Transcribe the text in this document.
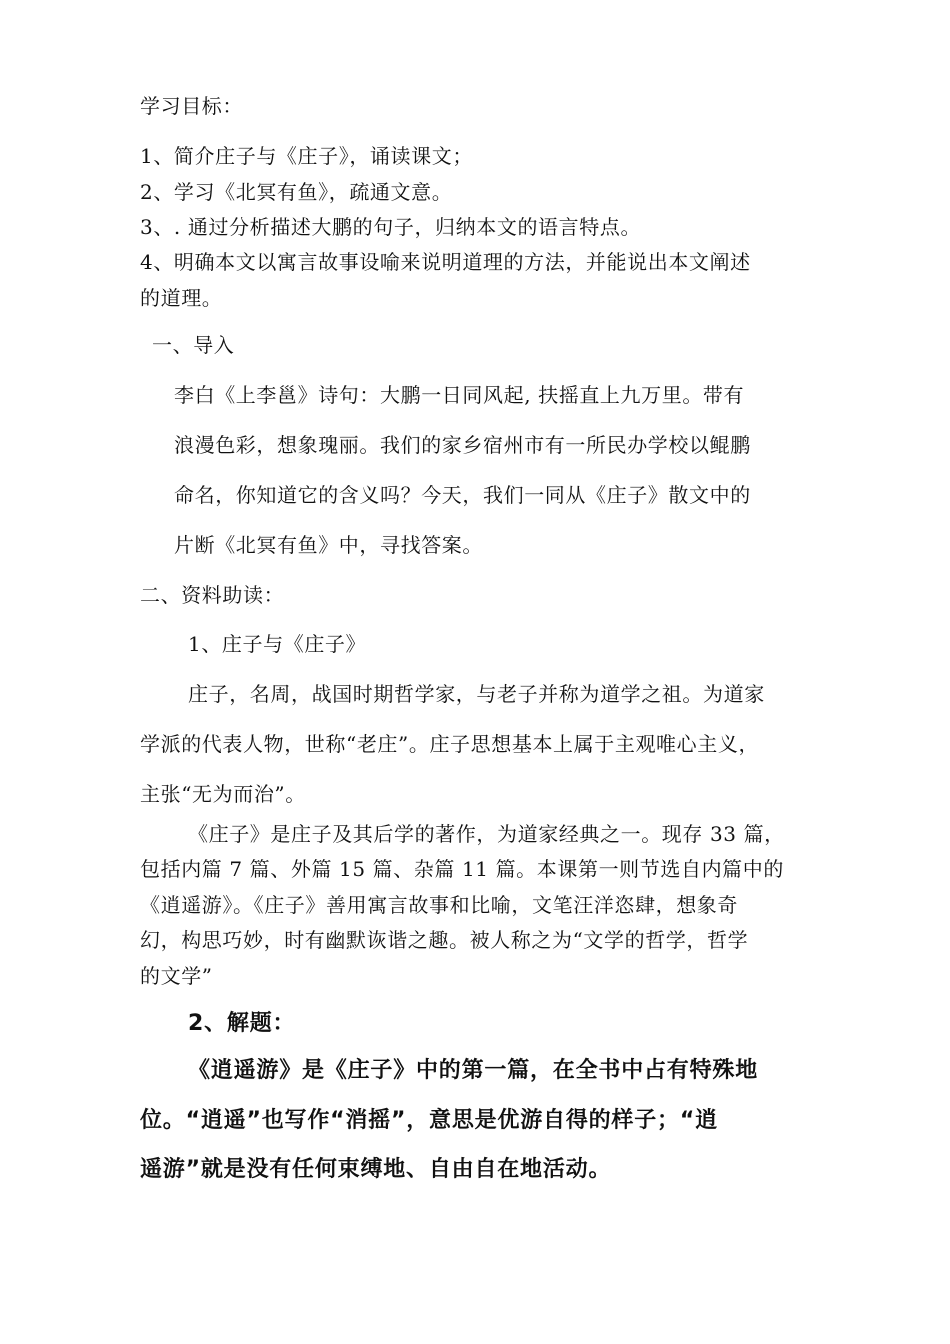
学习目标：
1、简介庄子与《庄子》，诵读课文；
2、学习《北冥有鱼》，疏通文意。
3、. 通过分析描述大鹏的句子，归纳本文的语言特点。
4、明确本文以寓言故事设喻来说明道理的方法，并能说出本文阐述
的道理。
一、导入
李白《上李邕》诗句：大鹏一日同风起, 扶摇直上九万里。带有
浪漫色彩，想象瑰丽。我们的家乡宿州市有一所民办学校以鲲鹏
命名，你知道它的含义吗？今天，我们一同从《庄子》散文中的
片断《北冥有鱼》中，寻找答案。
二、资料助读：
1、庄子与《庄子》
庄子，名周，战国时期哲学家，与老子并称为道学之祖。为道家
学派的代表人物，世称“老庄”。庄子思想基本上属于主观唯心主义，
主张“无为而治”。
《庄子》是庄子及其后学的著作，为道家经典之一。现存 33 篇，
包括内篇 7 篇、外篇 15 篇、杂篇 11 篇。本课第一则节选自内篇中的
《逍遥游》。《庄子》善用寓言故事和比喻，文笔汪洋恣肆，想象奇
幻，构思巧妙，时有幽默诙谐之趣。被人称之为“文学的哲学，哲学
的文学”
2、解题：
《逍遥游》是《庄子》中的第一篇，在全书中占有特殊地
位。“逍遥”也写作“消摇”，意思是优游自得的样子；“逍
遥游”就是没有任何束缚地、自由自在地活动。
